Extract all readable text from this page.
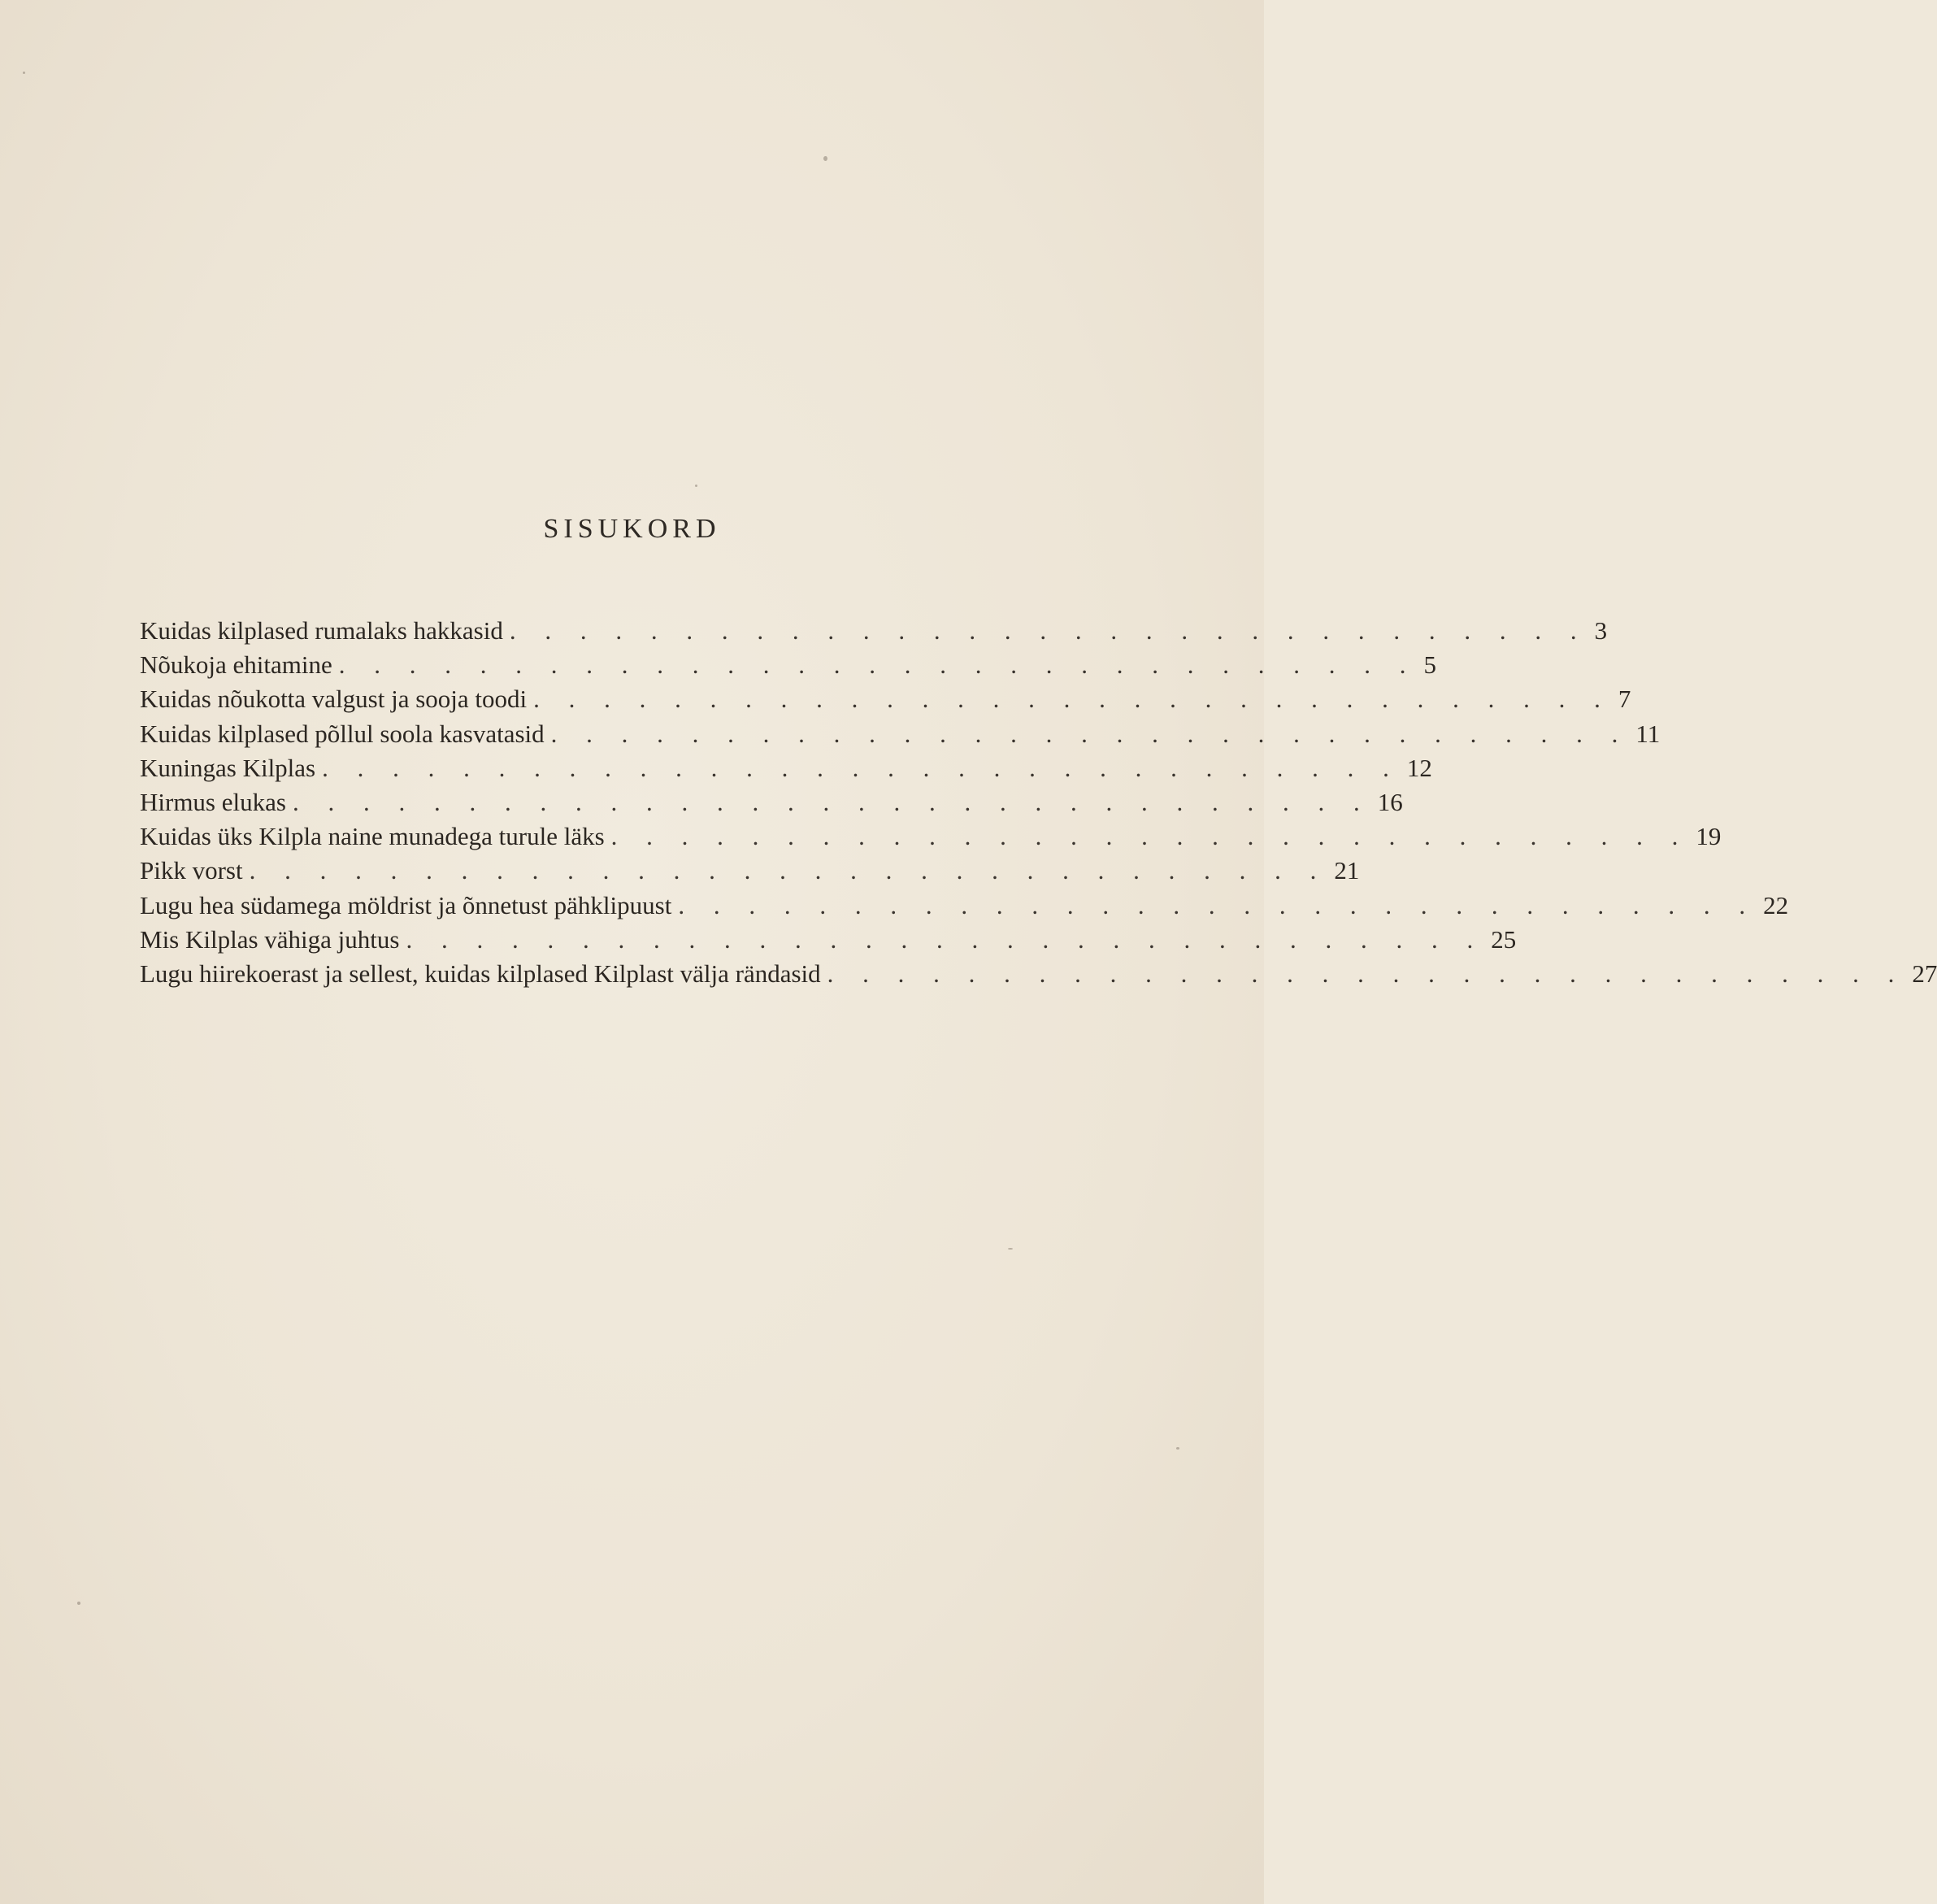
SISUKORD
Kuidas kilplased rumalaks hakkasid . . . . . . . . . . . . . . . . . . . . . . . . . . . . . . . 3
Nõukoja ehitamine . . . . . . . . . . . . . . . . . . . . . . . . . . . . . . . 5
Kuidas nõukotta valgust ja sooja toodi . . . . . . . . . . . . . . . . . . . . . . . . . . . . . . . 7
Kuidas kilplased põllul soola kasvatasid . . . . . . . . . . . . . . . . . . . . . . . . . . . . . . . 11
Kuningas Kilplas . . . . . . . . . . . . . . . . . . . . . . . . . . . . . . . 12
Hirmus elukas . . . . . . . . . . . . . . . . . . . . . . . . . . . . . . . 16
Kuidas üks Kilpla naine munadega turule läks . . . . . . . . . . . . . . . . . . . . . . . . . . . . . . . 19
Pikk vorst . . . . . . . . . . . . . . . . . . . . . . . . . . . . . . . 21
Lugu hea südamega möldrist ja õnnetust pähklipuust . . . . . . . . . . . . . . . . . . . . . . . . . . . . . . . 22
Mis Kilplas vähiga juhtus . . . . . . . . . . . . . . . . . . . . . . . . . . . . . . . 25
Lugu hiirekoerast ja sellest, kuidas kilplased Kilplast välja rändasid . . . . . . . . . . . . . . . . . . . . . . . . . . . . . . . 27
